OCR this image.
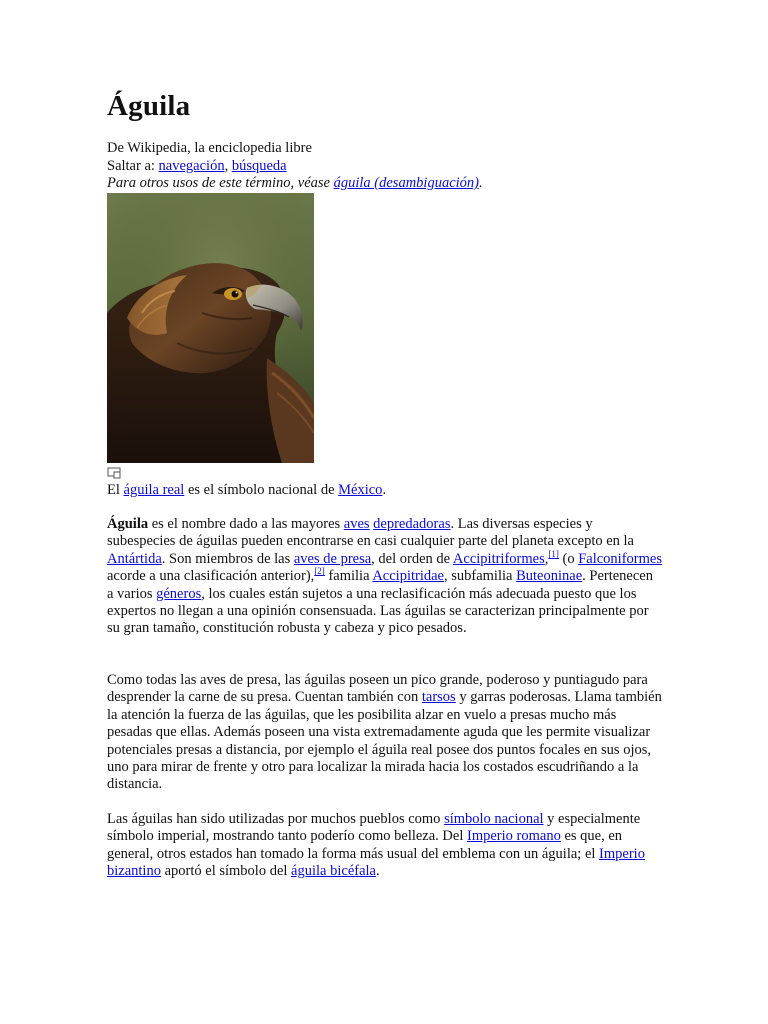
Águila
De Wikipedia, la enciclopedia libre
Saltar a: navegación, búsqueda
Para otros usos de este término, véase águila (desambiguación).
El águila real es el símbolo nacional de México.

Águila es el nombre dado a las mayores aves depredadoras. Las diversas especies y subespecies de águilas pueden encontrarse en casi cualquier parte del planeta excepto en la Antártida. Son miembros de las aves de presa, del orden de Accipitriformes,[1] (o Falconiformes acorde a una clasificación anterior),[2] familia Accipitridae, subfamilia Buteoninae. Pertenecen a varios géneros, los cuales están sujetos a una reclasificación más adecuada puesto que los expertos no llegan a una opinión consensuada. Las águilas se caracterizan principalmente por su gran tamaño, constitución robusta y cabeza y pico pesados.

Como todas las aves de presa, las águilas poseen un pico grande, poderoso y puntiagudo para desprender la carne de su presa. Cuentan también con tarsos y garras poderosas. Llama también la atención la fuerza de las águilas, que les posibilita alzar en vuelo a presas mucho más pesadas que ellas. Además poseen una vista extremadamente aguda que les permite visualizar potenciales presas a distancia, por ejemplo el águila real posee dos puntos focales en sus ojos, uno para mirar de frente y otro para localizar la mirada hacia los costados escudriñando a la distancia.

Las águilas han sido utilizadas por muchos pueblos como símbolo nacional y especialmente símbolo imperial, mostrando tanto poderío como belleza. Del Imperio romano es que, en general, otros estados han tomado la forma más usual del emblema con un águila; el Imperio bizantino aportó el símbolo del águila bicéfala.
